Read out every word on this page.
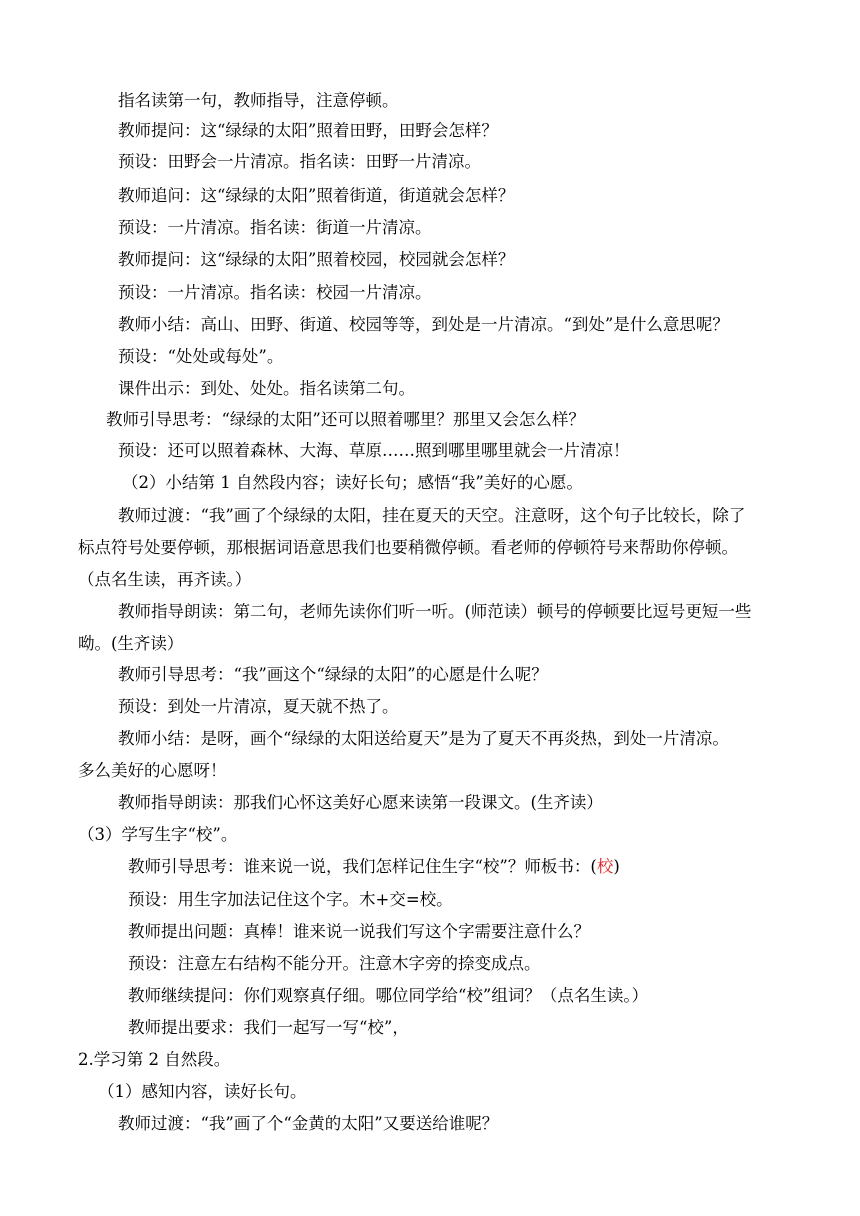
指名读第一句，教师指导，注意停顿。
教师提问：这“绿绿的太阳”照着田野，田野会怎样？
预设：田野会一片清凉。指名读：田野一片清凉。
教师追问：这“绿绿的太阳”照着街道，街道就会怎样？
预设：一片清凉。指名读：街道一片清凉。
教师提问：这“绿绿的太阳”照着校园，校园就会怎样？
预设：一片清凉。指名读：校园一片清凉。
教师小结：高山、田野、街道、校园等等，到处是一片清凉。“到处”是什么意思呢？
预设：“处处或每处”。
课件出示：到处、处处。指名读第二句。
教师引导思考：“绿绿的太阳”还可以照着哪里？那里又会怎么样？
预设：还可以照着森林、大海、草原……照到哪里哪里就会一片清凉！
（2）小结第 1 自然段内容；读好长句；感悟“我”美好的心愿。
教师过渡：“我”画了个绿绿的太阳，挂在夏天的天空。注意呀，这个句子比较长，除了
标点符号处要停顿，那根据词语意思我们也要稍微停顿。看老师的停顿符号来帮助你停顿。
（点名生读，再齐读。）
教师指导朗读：第二句，老师先读你们听一听。(师范读）顿号的停顿要比逗号更短一些
呦。(生齐读）
教师引导思考：“我”画这个“绿绿的太阳”的心愿是什么呢？
预设：到处一片清凉，夏天就不热了。
教师小结：是呀，画个“绿绿的太阳送给夏天”是为了夏天不再炎热，到处一片清凉。
多么美好的心愿呀！
教师指导朗读：那我们心怀这美好心愿来读第一段课文。(生齐读）
（3）学写生字“校”。
教师引导思考：谁来说一说，我们怎样记住生字“校”？师板书：(校)
预设：用生字加法记住这个字。木+交=校。
教师提出问题：真棒！谁来说一说我们写这个字需要注意什么？
预设：注意左右结构不能分开。注意木字旁的捺变成点。
教师继续提问：你们观察真仔细。哪位同学给“校”组词？（点名生读。）
教师提出要求：我们一起写一写“校”，
2.学习第 2 自然段。
（1）感知内容，读好长句。
教师过渡：“我”画了个“金黄的太阳”又要送给谁呢？
